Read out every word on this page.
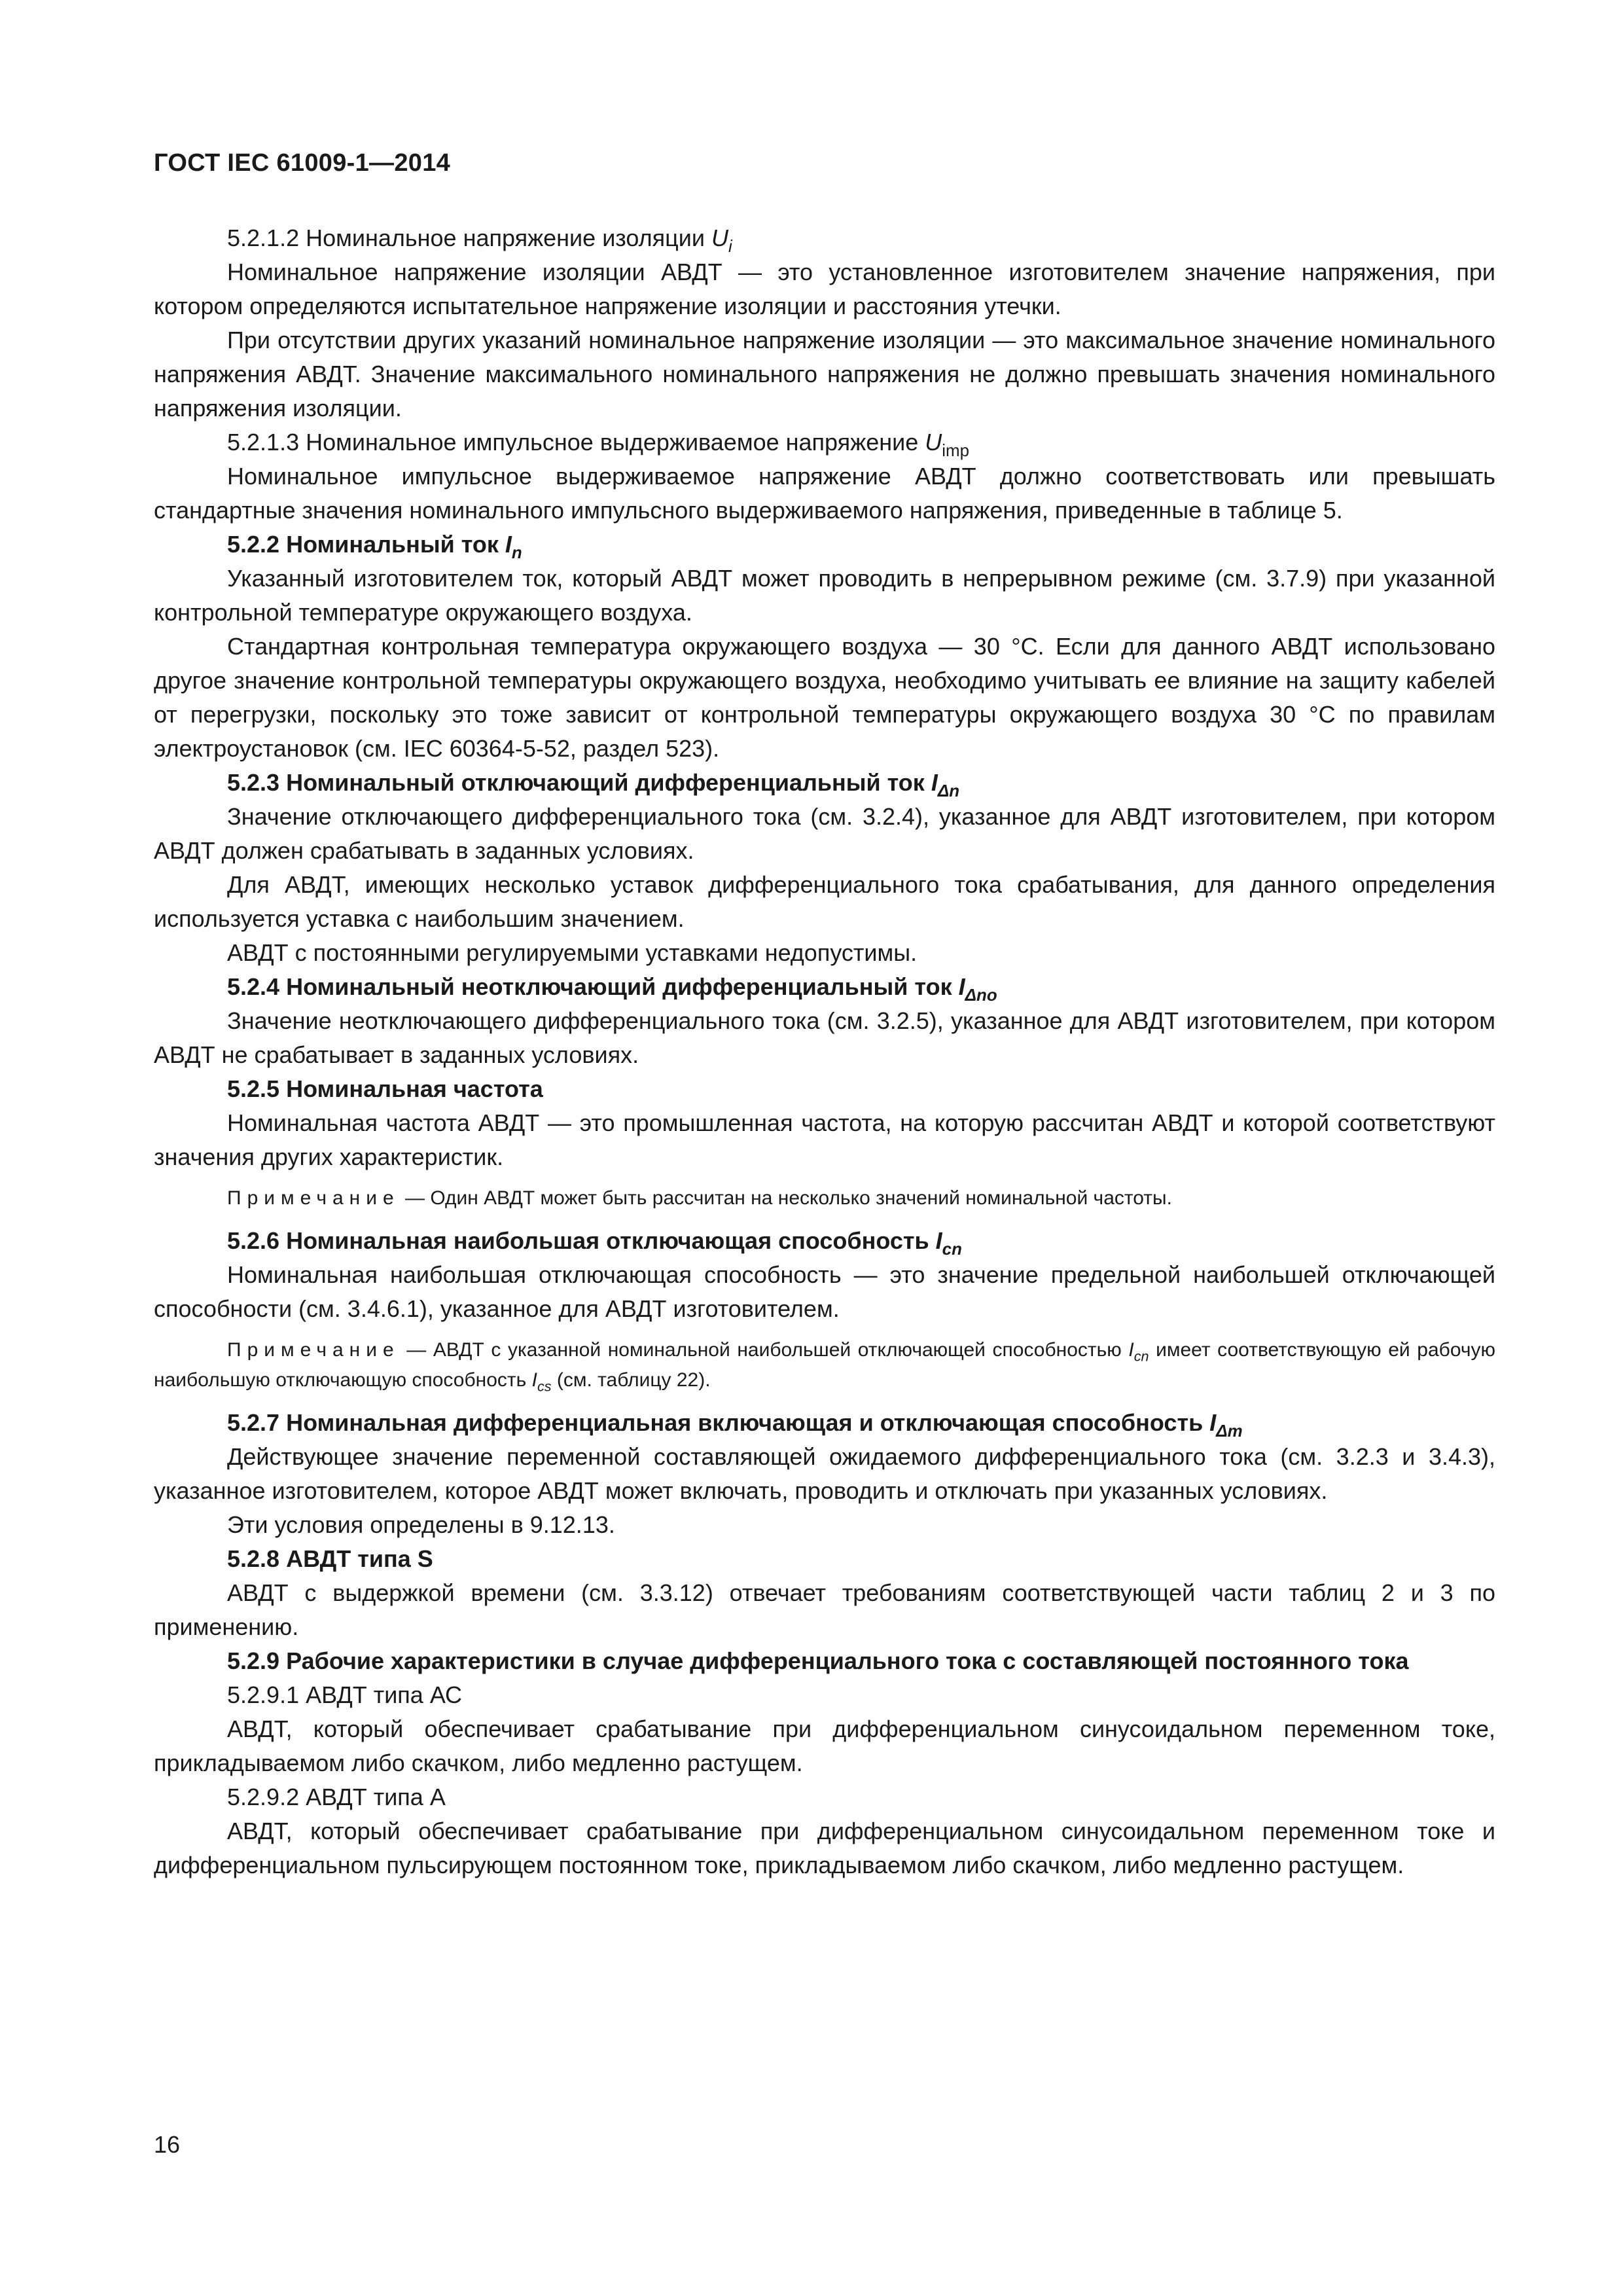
ГОСТ IEC 61009-1—2014

5.2.1.2 Номинальное напряжение изоляции $U_i$

Номинальное напряжение изоляции АВДТ — это установленное изготовителем значение напряжения, при котором определяются испытательное напряжение изоляции и расстояния утечки.

При отсутствии других указаний номинальное напряжение изоляции — это максимальное значение номинального напряжения АВДТ. Значение максимального номинального напряжения не должно превышать значения номинального напряжения изоляции.

5.2.1.3 Номинальное импульсное выдерживаемое напряжение $U_{imp}$

Номинальное импульсное выдерживаемое напряжение АВДТ должно соответствовать или превышать стандартные значения номинального импульсного выдерживаемого напряжения, приведенные в таблице 5.

5.2.2 Номинальный ток $I_n$

Указанный изготовителем ток, который АВДТ может проводить в непрерывном режиме (см. 3.7.9) при указанной контрольной температуре окружающего воздуха.

Стандартная контрольная температура окружающего воздуха — 30 °С. Если для данного АВДТ использовано другое значение контрольной температуры окружающего воздуха, необходимо учитывать ее влияние на защиту кабелей от перегрузки, поскольку это тоже зависит от контрольной температуры окружающего воздуха 30 °С по правилам электроустановок (см. IEC 60364-5-52, раздел 523).

5.2.3 Номинальный отключающий дифференциальный ток $I_{\Delta n}$

Значение отключающего дифференциального тока (см. 3.2.4), указанное для АВДТ изготовителем, при котором АВДТ должен срабатывать в заданных условиях.

Для АВДТ, имеющих несколько уставок дифференциального тока срабатывания, для данного определения используется уставка с наибольшим значением.

АВДТ с постоянными регулируемыми уставками недопустимы.

5.2.4 Номинальный неотключающий дифференциальный ток $I_{\Delta no}$

Значение неотключающего дифференциального тока (см. 3.2.5), указанное для АВДТ изготовителем, при котором АВДТ не срабатывает в заданных условиях.

5.2.5 Номинальная частота

Номинальная частота АВДТ — это промышленная частота, на которую рассчитан АВДТ и которой соответствуют значения других характеристик.

Примечание — Один АВДТ может быть рассчитан на несколько значений номинальной частоты.

5.2.6 Номинальная наибольшая отключающая способность $I_{cn}$

Номинальная наибольшая отключающая способность — это значение предельной наибольшей отключающей способности (см. 3.4.6.1), указанное для АВДТ изготовителем.

Примечание — АВДТ с указанной номинальной наибольшей отключающей способностью $I_{cn}$ имеет соответствующую ей рабочую наибольшую отключающую способность $I_{cs}$ (см. таблицу 22).

5.2.7 Номинальная дифференциальная включающая и отключающая способность $I_{\Delta m}$

Действующее значение переменной составляющей ожидаемого дифференциального тока (см. 3.2.3 и 3.4.3), указанное изготовителем, которое АВДТ может включать, проводить и отключать при указанных условиях.

Эти условия определены в 9.12.13.

5.2.8 АВДТ типа S

АВДТ с выдержкой времени (см. 3.3.12) отвечает требованиям соответствующей части таблиц 2 и 3 по применению.

5.2.9 Рабочие характеристики в случае дифференциального тока с составляющей постоянного тока

5.2.9.1 АВДТ типа АС

АВДТ, который обеспечивает срабатывание при дифференциальном синусоидальном переменном токе, прикладываемом либо скачком, либо медленно растущем.

5.2.9.2 АВДТ типа А

АВДТ, который обеспечивает срабатывание при дифференциальном синусоидальном переменном токе и дифференциальном пульсирующем постоянном токе, прикладываемом либо скачком, либо медленно растущем.

16
